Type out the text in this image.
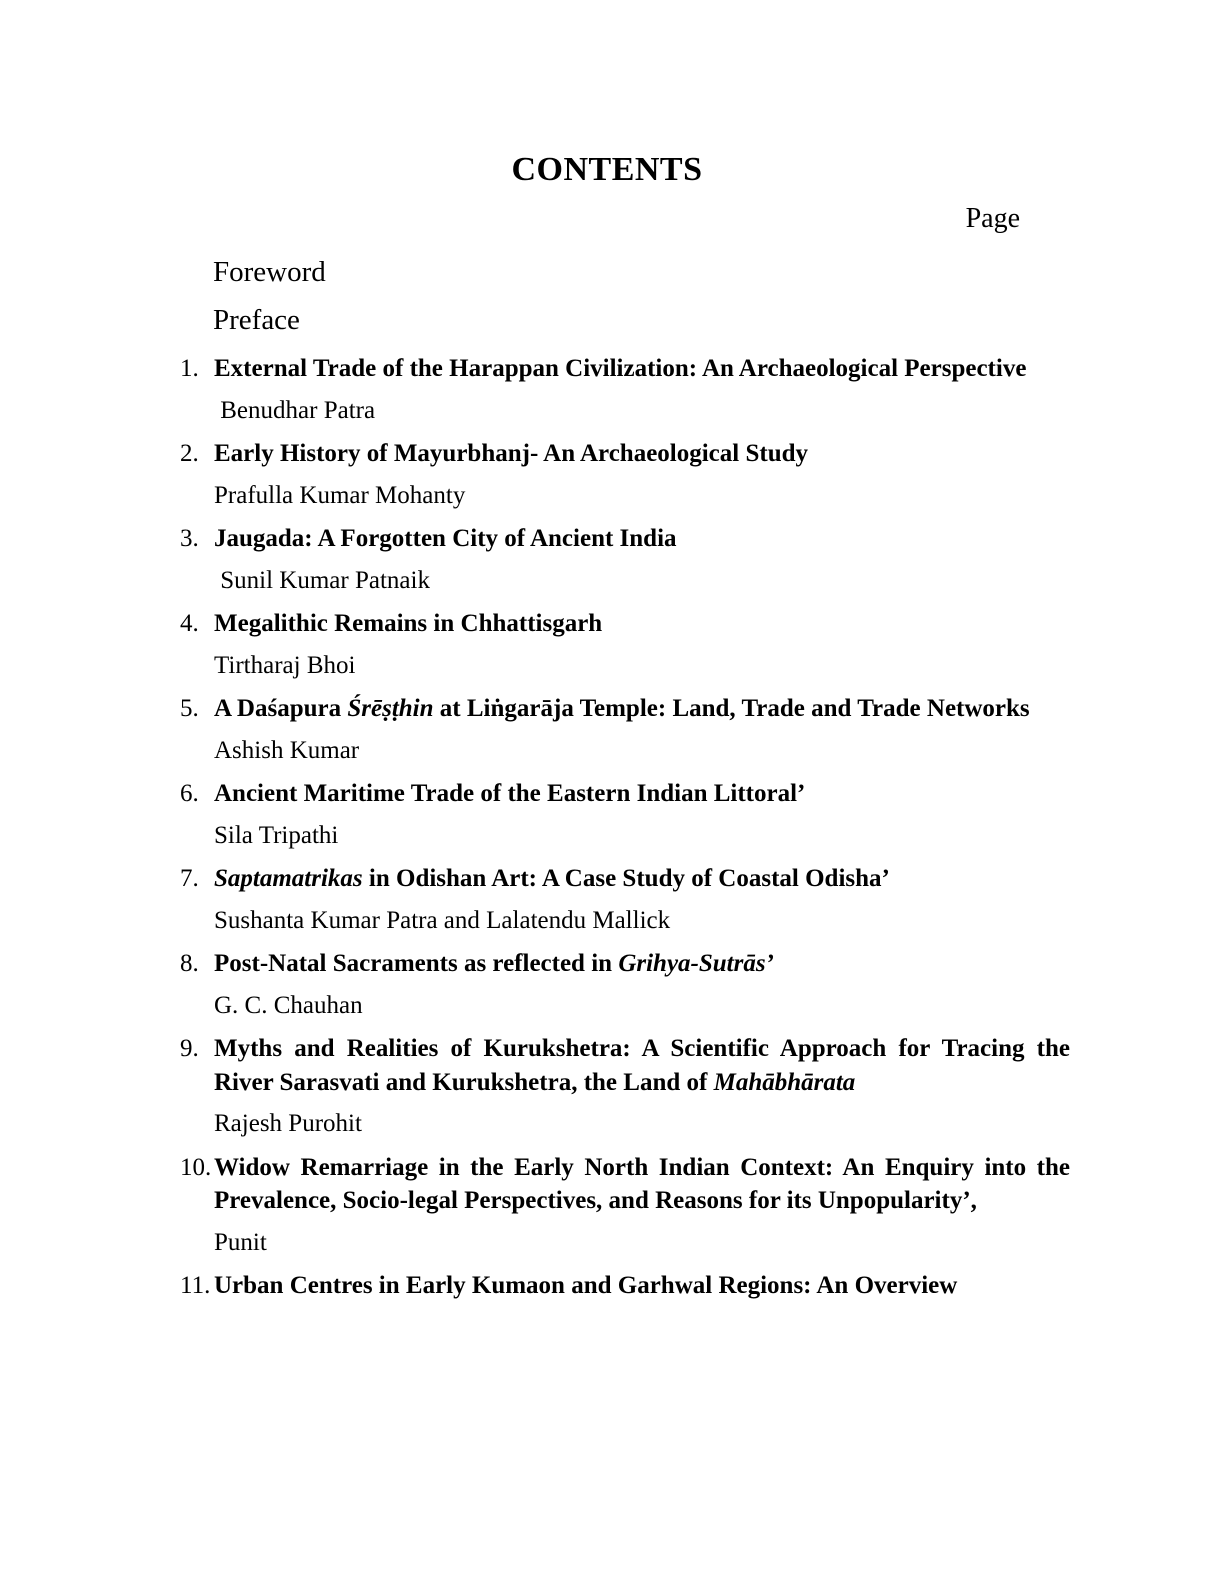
CONTENTS
Page
Foreword
Preface
1. External Trade of the Harappan Civilization: An Archaeological Perspective
Benudhar Patra
2. Early History of Mayurbhanj- An Archaeological Study
Prafulla Kumar Mohanty
3. Jaugada: A Forgotten City of Ancient India
Sunil Kumar Patnaik
4. Megalithic Remains in Chhattisgarh
Tirtharaj Bhoi
5. A Daśapura Śrēṣṭhin at Liṅgarāja Temple: Land, Trade and Trade Networks
Ashish Kumar
6. Ancient Maritime Trade of the Eastern Indian Littoral’
Sila Tripathi
7. Saptamatrikas in Odishan Art: A Case Study of Coastal Odisha’
Sushanta Kumar Patra and Lalatendu Mallick
8. Post-Natal Sacraments as reflected in Grihya-Sutrās’
G. C. Chauhan
9. Myths and Realities of Kurukshetra: A Scientific Approach for Tracing the River Sarasvati and Kurukshetra, the Land of Mahābhārata
Rajesh Purohit
10. Widow Remarriage in the Early North Indian Context: An Enquiry into the Prevalence, Socio-legal Perspectives, and Reasons for its Unpopularity’,
Punit
11. Urban Centres in Early Kumaon and Garhwal Regions: An Overview
